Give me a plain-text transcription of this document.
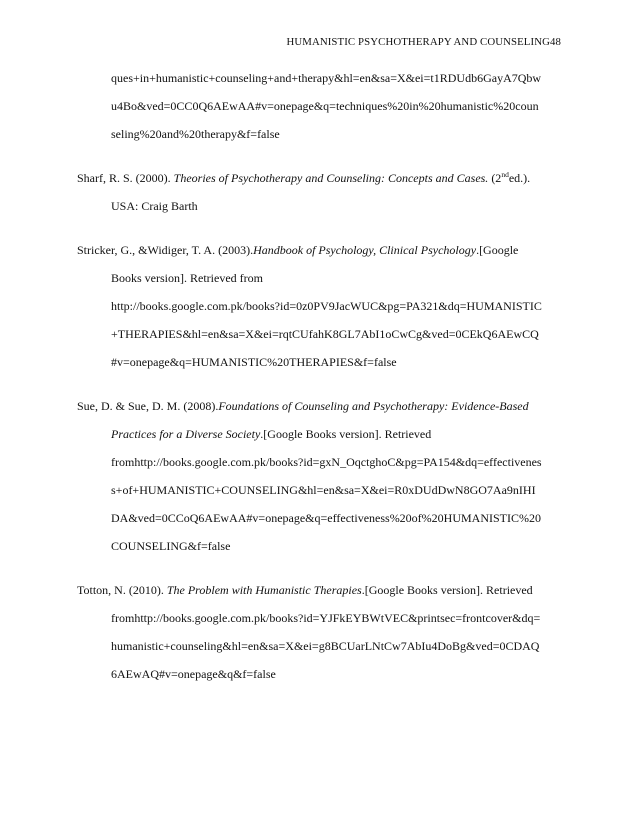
HUMANISTIC PSYCHOTHERAPY AND COUNSELING48
ques+in+humanistic+counseling+and+therapy&hl=en&sa=X&ei=t1RDUdb6GayA7Qbw
u4Bo&ved=0CC0Q6AEwAA#v=onepage&q=techniques%20in%20humanistic%20coun
seling%20and%20therapy&f=false
Sharf, R. S. (2000). Theories of Psychotherapy and Counseling: Concepts and Cases. (2nded.).
USA: Craig Barth
Stricker, G., &Widiger, T. A. (2003).Handbook of Psychology, Clinical Psychology.[Google
Books version]. Retrieved from
http://books.google.com.pk/books?id=0z0PV9JacWUC&pg=PA321&dq=HUMANISTIC
+THERAPIES&hl=en&sa=X&ei=rqtCUfahK8GL7AbI1oCwCg&ved=0CEkQ6AEwCQ
#v=onepage&q=HUMANISTIC%20THERAPIES&f=false
Sue, D. & Sue, D. M. (2008).Foundations of Counseling and Psychotherapy: Evidence-Based
Practices for a Diverse Society.[Google Books version]. Retrieved
fromhttp://books.google.com.pk/books?id=gxN_OqctghoC&pg=PA154&dq=effectivenes
s+of+HUMANISTIC+COUNSELING&hl=en&sa=X&ei=R0xDUdDwN8GO7Aa9nIHI
DA&ved=0CCoQ6AEwAA#v=onepage&q=effectiveness%20of%20HUMANISTIC%20
COUNSELING&f=false
Totton, N. (2010). The Problem with Humanistic Therapies.[Google Books version]. Retrieved
fromhttp://books.google.com.pk/books?id=YJFkEYBWtVEC&printsec=frontcover&dq=
humanistic+counseling&hl=en&sa=X&ei=g8BCUarLNtCw7AbIu4DoBg&ved=0CDAQ
6AEwAQ#v=onepage&q&f=false
